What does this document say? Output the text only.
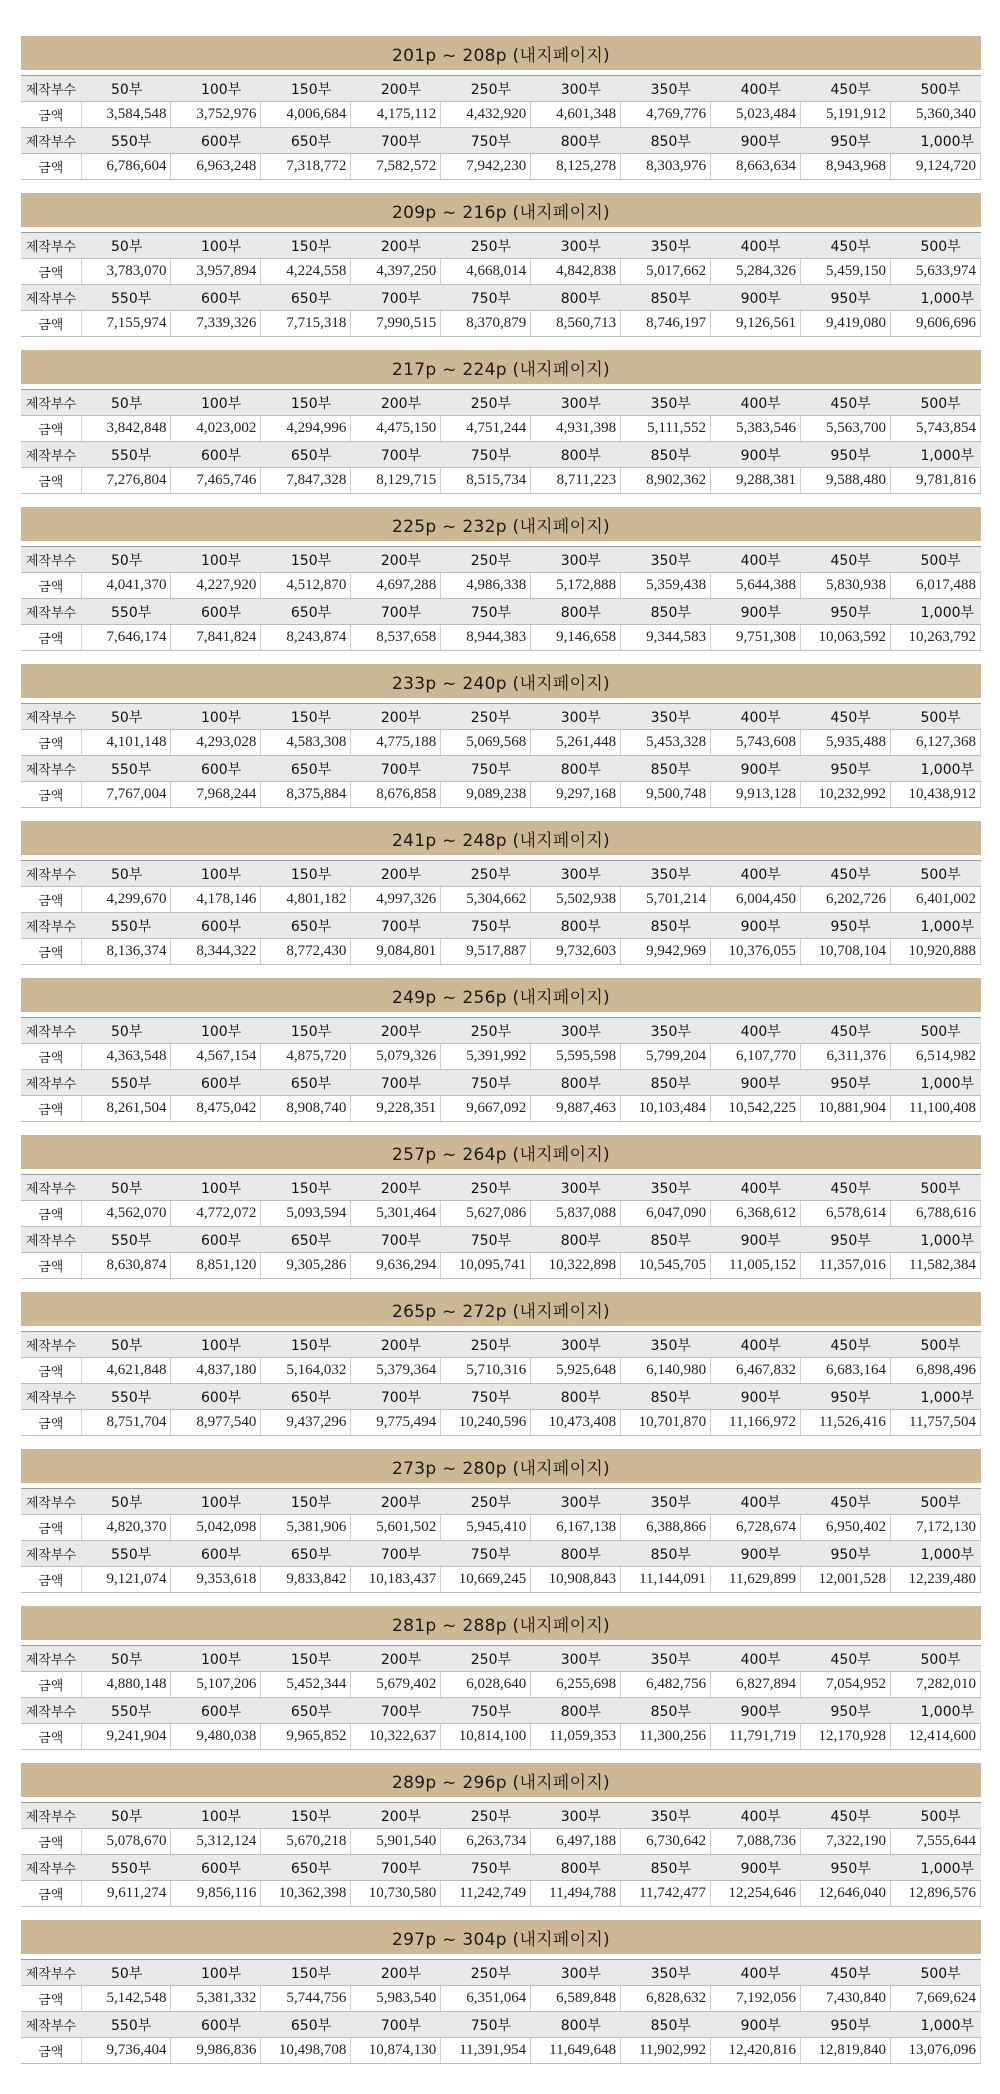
201p ~ 208p (내지페이지)
제작부수	50부	100부	150부	200부	250부	300부	350부	400부	450부	500부
금액	3,584,548	3,752,976	4,006,684	4,175,112	4,432,920	4,601,348	4,769,776	5,023,484	5,191,912	5,360,340
제작부수	550부	600부	650부	700부	750부	800부	850부	900부	950부	1,000부
금액	6,786,604	6,963,248	7,318,772	7,582,572	7,942,230	8,125,278	8,303,976	8,663,634	8,943,968	9,124,720
209p ~ 216p (내지페이지)
제작부수	50부	100부	150부	200부	250부	300부	350부	400부	450부	500부
금액	3,783,070	3,957,894	4,224,558	4,397,250	4,668,014	4,842,838	5,017,662	5,284,326	5,459,150	5,633,974
제작부수	550부	600부	650부	700부	750부	800부	850부	900부	950부	1,000부
금액	7,155,974	7,339,326	7,715,318	7,990,515	8,370,879	8,560,713	8,746,197	9,126,561	9,419,080	9,606,696
217p ~ 224p (내지페이지)
제작부수	50부	100부	150부	200부	250부	300부	350부	400부	450부	500부
금액	3,842,848	4,023,002	4,294,996	4,475,150	4,751,244	4,931,398	5,111,552	5,383,546	5,563,700	5,743,854
제작부수	550부	600부	650부	700부	750부	800부	850부	900부	950부	1,000부
금액	7,276,804	7,465,746	7,847,328	8,129,715	8,515,734	8,711,223	8,902,362	9,288,381	9,588,480	9,781,816
225p ~ 232p (내지페이지)
제작부수	50부	100부	150부	200부	250부	300부	350부	400부	450부	500부
금액	4,041,370	4,227,920	4,512,870	4,697,288	4,986,338	5,172,888	5,359,438	5,644,388	5,830,938	6,017,488
제작부수	550부	600부	650부	700부	750부	800부	850부	900부	950부	1,000부
금액	7,646,174	7,841,824	8,243,874	8,537,658	8,944,383	9,146,658	9,344,583	9,751,308	10,063,592	10,263,792
233p ~ 240p (내지페이지)
제작부수	50부	100부	150부	200부	250부	300부	350부	400부	450부	500부
금액	4,101,148	4,293,028	4,583,308	4,775,188	5,069,568	5,261,448	5,453,328	5,743,608	5,935,488	6,127,368
제작부수	550부	600부	650부	700부	750부	800부	850부	900부	950부	1,000부
금액	7,767,004	7,968,244	8,375,884	8,676,858	9,089,238	9,297,168	9,500,748	9,913,128	10,232,992	10,438,912
241p ~ 248p (내지페이지)
제작부수	50부	100부	150부	200부	250부	300부	350부	400부	450부	500부
금액	4,299,670	4,178,146	4,801,182	4,997,326	5,304,662	5,502,938	5,701,214	6,004,450	6,202,726	6,401,002
제작부수	550부	600부	650부	700부	750부	800부	850부	900부	950부	1,000부
금액	8,136,374	8,344,322	8,772,430	9,084,801	9,517,887	9,732,603	9,942,969	10,376,055	10,708,104	10,920,888
249p ~ 256p (내지페이지)
제작부수	50부	100부	150부	200부	250부	300부	350부	400부	450부	500부
금액	4,363,548	4,567,154	4,875,720	5,079,326	5,391,992	5,595,598	5,799,204	6,107,770	6,311,376	6,514,982
제작부수	550부	600부	650부	700부	750부	800부	850부	900부	950부	1,000부
금액	8,261,504	8,475,042	8,908,740	9,228,351	9,667,092	9,887,463	10,103,484	10,542,225	10,881,904	11,100,408
257p ~ 264p (내지페이지)
제작부수	50부	100부	150부	200부	250부	300부	350부	400부	450부	500부
금액	4,562,070	4,772,072	5,093,594	5,301,464	5,627,086	5,837,088	6,047,090	6,368,612	6,578,614	6,788,616
제작부수	550부	600부	650부	700부	750부	800부	850부	900부	950부	1,000부
금액	8,630,874	8,851,120	9,305,286	9,636,294	10,095,741	10,322,898	10,545,705	11,005,152	11,357,016	11,582,384
265p ~ 272p (내지페이지)
제작부수	50부	100부	150부	200부	250부	300부	350부	400부	450부	500부
금액	4,621,848	4,837,180	5,164,032	5,379,364	5,710,316	5,925,648	6,140,980	6,467,832	6,683,164	6,898,496
제작부수	550부	600부	650부	700부	750부	800부	850부	900부	950부	1,000부
금액	8,751,704	8,977,540	9,437,296	9,775,494	10,240,596	10,473,408	10,701,870	11,166,972	11,526,416	11,757,504
273p ~ 280p (내지페이지)
제작부수	50부	100부	150부	200부	250부	300부	350부	400부	450부	500부
금액	4,820,370	5,042,098	5,381,906	5,601,502	5,945,410	6,167,138	6,388,866	6,728,674	6,950,402	7,172,130
제작부수	550부	600부	650부	700부	750부	800부	850부	900부	950부	1,000부
금액	9,121,074	9,353,618	9,833,842	10,183,437	10,669,245	10,908,843	11,144,091	11,629,899	12,001,528	12,239,480
281p ~ 288p (내지페이지)
제작부수	50부	100부	150부	200부	250부	300부	350부	400부	450부	500부
금액	4,880,148	5,107,206	5,452,344	5,679,402	6,028,640	6,255,698	6,482,756	6,827,894	7,054,952	7,282,010
제작부수	550부	600부	650부	700부	750부	800부	850부	900부	950부	1,000부
금액	9,241,904	9,480,038	9,965,852	10,322,637	10,814,100	11,059,353	11,300,256	11,791,719	12,170,928	12,414,600
289p ~ 296p (내지페이지)
제작부수	50부	100부	150부	200부	250부	300부	350부	400부	450부	500부
금액	5,078,670	5,312,124	5,670,218	5,901,540	6,263,734	6,497,188	6,730,642	7,088,736	7,322,190	7,555,644
제작부수	550부	600부	650부	700부	750부	800부	850부	900부	950부	1,000부
금액	9,611,274	9,856,116	10,362,398	10,730,580	11,242,749	11,494,788	11,742,477	12,254,646	12,646,040	12,896,576
297p ~ 304p (내지페이지)
제작부수	50부	100부	150부	200부	250부	300부	350부	400부	450부	500부
금액	5,142,548	5,381,332	5,744,756	5,983,540	6,351,064	6,589,848	6,828,632	7,192,056	7,430,840	7,669,624
제작부수	550부	600부	650부	700부	750부	800부	850부	900부	950부	1,000부
금액	9,736,404	9,986,836	10,498,708	10,874,130	11,391,954	11,649,648	11,902,992	12,420,816	12,819,840	13,076,096
